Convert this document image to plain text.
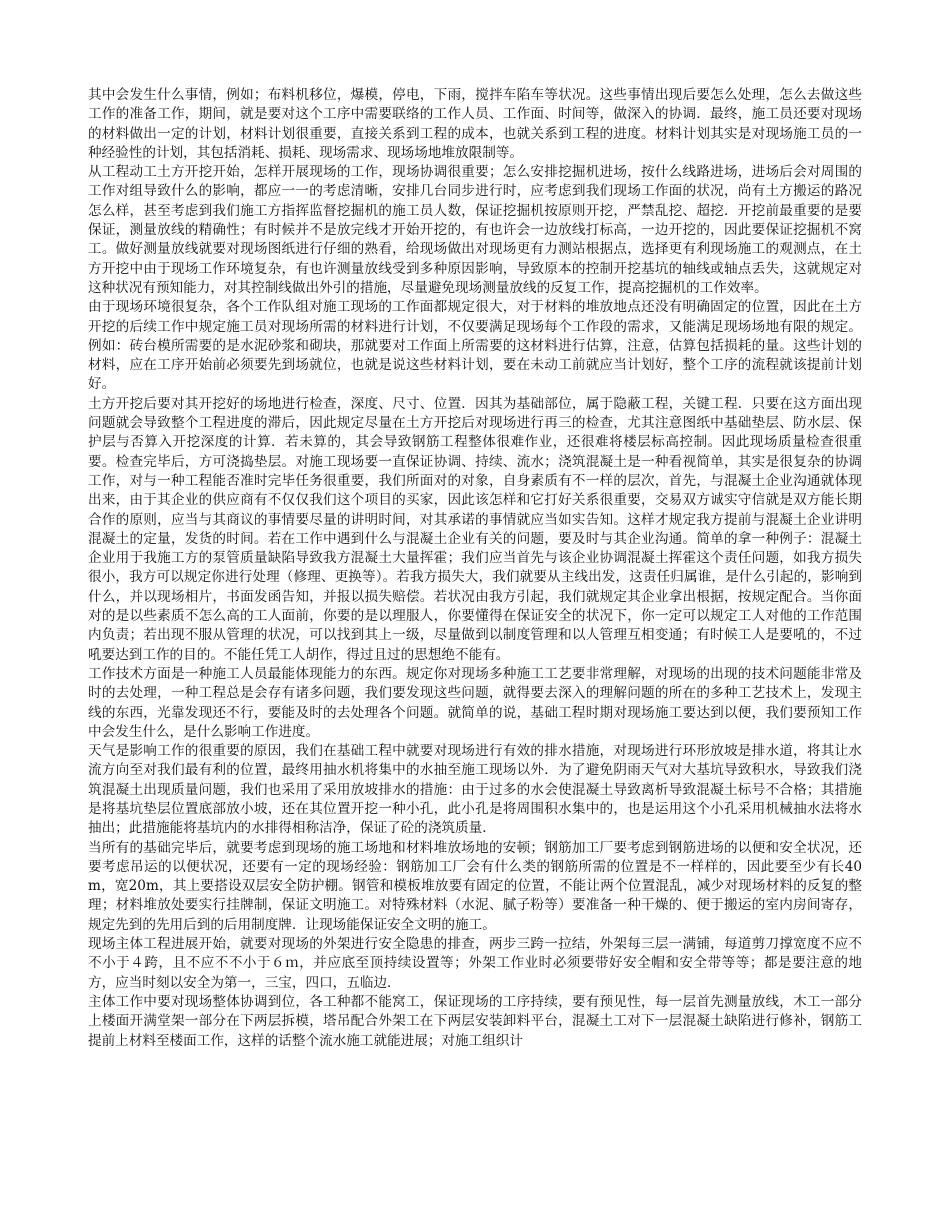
其中会发生什么事情，例如；布料机移位，爆模，停电，下雨，搅拌车陷车等状况。这些事情出现后要怎么处理，怎么去做这些工作的准备工作，期间，就是要对这个工序中需要联络的工作人员、工作面、时间等，做深入的协调．最终，施工员还要对现场的材料做出一定的计划，材料计划很重要，直接关系到工程的成本，也就关系到工程的进度。材料计划其实是对现场施工员的一种经验性的计划，其包括消耗、损耗、现场需求、现场场地堆放限制等。

从工程动工土方开挖开始，怎样开展现场的工作，现场协调很重要；怎么安排挖掘机进场，按什么线路进场，进场后会对周围的工作对组导致什么的影响，都应一一的考虑清晰，安排几台同步进行时，应考虑到我们现场工作面的状况，尚有土方搬运的路况怎么样，甚至考虑到我们施工方指挥监督挖掘机的施工员人数，保证挖掘机按原则开挖，严禁乱挖、超挖．开挖前最重要的是要保证，测量放线的精确性；有时候并不是放完线才开始开挖的，有也许会一边放线打标高，一边开挖的，因此要保证挖掘机不窝工。做好测量放线就要对现场图纸进行仔细的熟看，给现场做出对现场更有力测站根据点，选择更有利现场施工的观测点，在土方开挖中由于现场工作环境复杂，有也许测量放线受到多种原因影响，导致原本的控制开挖基坑的轴线或轴点丢失，这就规定对这种状况有预知能力，对其控制线做出外引的措施，尽量避免现场测量放线的反复工作，提高挖掘机的工作效率。

由于现场环境很复杂，各个工作队组对施工现场的工作面都规定很大，对于材料的堆放地点还没有明确固定的位置，因此在土方开挖的后续工作中规定施工员对现场所需的材料进行计划，不仅要满足现场每个工作段的需求，又能满足现场场地有限的规定。例如：砖台模所需要的是水泥砂浆和砌块，那就要对工作面上所需要的这材料进行估算，注意，估算包括损耗的量。这些计划的材料，应在工序开始前必须要先到场就位，也就是说这些材料计划，要在未动工前就应当计划好，整个工序的流程就该提前计划好。

土方开挖后要对其开挖好的场地进行检查，深度、尺寸、位置．因其为基础部位，属于隐蔽工程，关键工程．只要在这方面出现问题就会导致整个工程进度的滞后，因此规定尽量在土方开挖后对现场进行再三的检查，尤其注意图纸中基础垫层、防水层、保护层与否算入开挖深度的计算．若未算的，其会导致钢筋工程整体很难作业，还很难将楼层标高控制。因此现场质量检查很重要。检查完毕后，方可浇捣垫层。对施工现场要一直保证协调、持续、流水；浇筑混凝土是一种看视简单，其实是很复杂的协调工作，对与一种工程能否准时完毕任务很重要，我们所面对的对象，自身素质有不一样的层次，首先，与混凝土企业沟通就体现出来，由于其企业的供应商有不仅仅我们这个项目的买家，因此该怎样和它打好关系很重要，交易双方诚实守信就是双方能长期合作的原则，应当与其商议的事情要尽量的讲明时间，对其承诺的事情就应当如实告知。这样才规定我方提前与混凝土企业讲明混凝土的定量，发货的时间。若在工作中遇到什么与混凝土企业有关的问题，要及时与其企业沟通。简单的拿一种例子：混凝土企业用于我施工方的泵管质量缺陷导致我方混凝土大量挥霍；我们应当首先与该企业协调混凝土挥霍这个责任问题，如我方损失很小，我方可以规定你进行处理（修理、更换等）。若我方损失大，我们就要从主线出发，这责任归属谁，是什么引起的，影响到什么，并以现场相片，书面发函告知，并报以损失赔偿。若状况由我方引起，我们就规定其企业拿出根据，按规定配合。当你面对的是以些素质不怎么高的工人面前，你要的是以理服人，你要懂得在保证安全的状况下，你一定可以规定工人对他的工作范围内负责；若出现不服从管理的状况，可以找到其上一级，尽量做到以制度管理和以人管理互相变通；有时候工人是要吼的，不过吼要达到工作的目的。不能任凭工人胡作，得过且过的思想绝不能有。

工作技术方面是一种施工人员最能体现能力的东西。规定你对现场多种施工工艺要非常理解，对现场的出现的技术问题能非常及时的去处理，一种工程总是会存有诸多问题，我们要发现这些问题，就得要去深入的理解问题的所在的多种工艺技术上，发现主线的东西，光靠发现还不行，要能及时的去处理各个问题。就简单的说，基础工程时期对现场施工要达到以便，我们要预知工作中会发生什么，是什么影响工作进度。

天气是影响工作的很重要的原因，我们在基础工程中就要对现场进行有效的排水措施，对现场进行环形放坡是排水道，将其让水流方向至对我们最有利的位置，最终用抽水机将集中的水抽至施工现场以外．为了避免阴雨天气对大基坑导致积水，导致我们浇筑混凝土出现质量问题，我们也采用了采用放坡排水的措施：由于过多的水会使混凝土导致离析导致混凝土标号不合格；其措施是将基坑垫层位置底部放小坡，还在其位置开挖一种小孔，此小孔是将周围积水集中的，也是运用这个小孔采用机械抽水法将水抽出；此措施能将基坑内的水排得相称洁净，保证了砼的浇筑质量．

当所有的基础完毕后，就要考虑到现场的施工场地和材料堆放场地的安顿；钢筋加工厂要考虑到钢筋进场的以便和安全状况，还要考虑吊运的以便状况，还要有一定的现场经验：钢筋加工厂会有什么类的钢筋所需的位置是不一样样的，因此要至少有长40m，宽20m，其上要搭设双层安全防护棚。钢管和模板堆放要有固定的位置，不能让两个位置混乱，减少对现场材料的反复的整理；材料堆放处要实行挂牌制，保证文明施工。对特殊材料（水泥、腻子粉等）要准备一种干燥的、便于搬运的室内房间寄存，规定先到的先用后到的后用制度牌．让现场能保证安全文明的施工。

现场主体工程进展开始，就要对现场的外架进行安全隐患的排查，两步三跨一拉结，外架每三层一满铺，每道剪刀撑宽度不应不不小于４跨，且不应不不小于６ｍ，并应底至顶持续设置等；外架工作业时必须要带好安全帽和安全带等等；都是要注意的地方，应当时刻以安全为第一，三宝，四口，五临边．

主体工作中要对现场整体协调到位，各工种都不能窝工，保证现场的工序持续，要有预见性，每一层首先测量放线，木工一部分上楼面开满堂架一部分在下两层拆模，塔吊配合外架工在下两层安装卸料平台，混凝土工对下一层混凝土缺陷进行修补，钢筋工提前上材料至楼面工作，这样的话整个流水施工就能进展；对施工组织计
